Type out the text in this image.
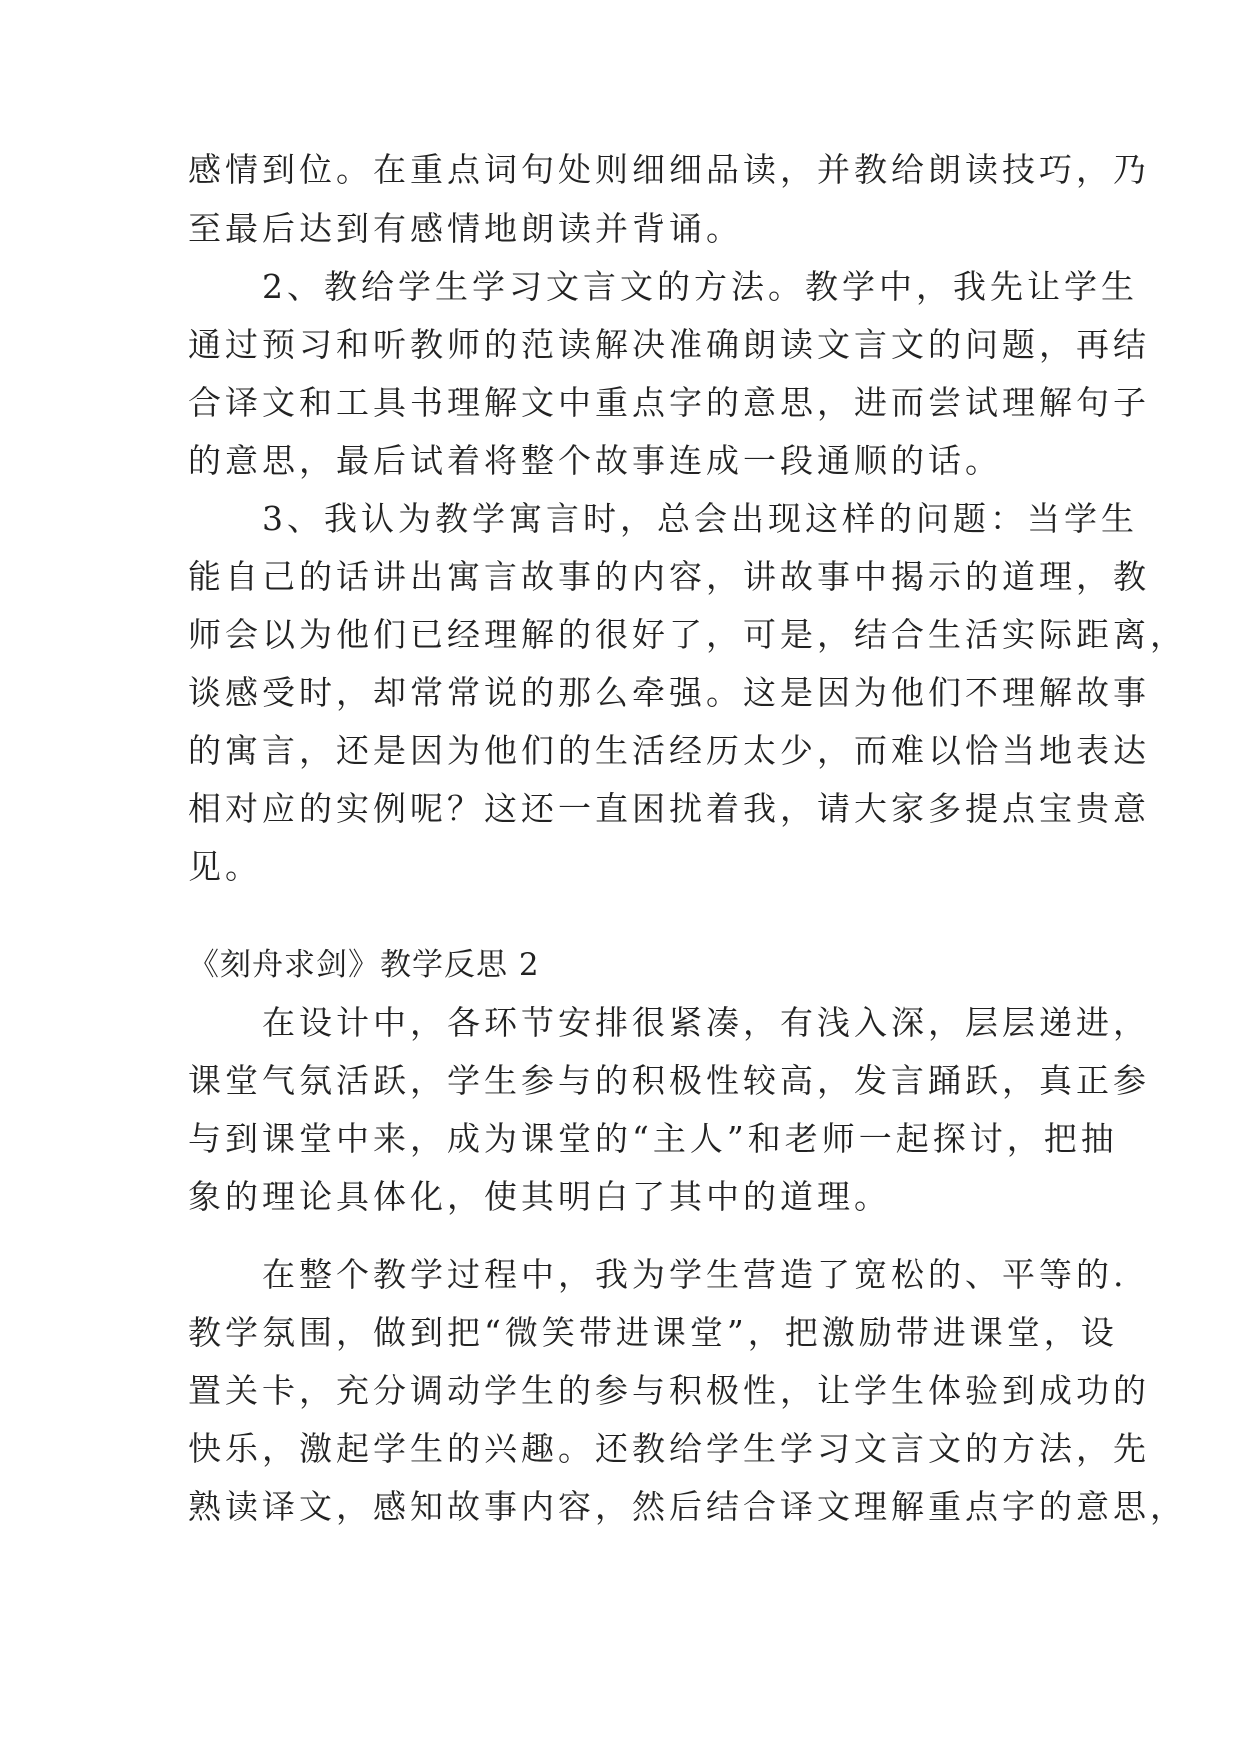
感情到位。在重点词句处则细细品读，并教给朗读技巧，乃
至最后达到有感情地朗读并背诵。
　　2、教给学生学习文言文的方法。教学中，我先让学生
通过预习和听教师的范读解决准确朗读文言文的问题，再结
合译文和工具书理解文中重点字的意思，进而尝试理解句子
的意思，最后试着将整个故事连成一段通顺的话。
　　3、我认为教学寓言时，总会出现这样的问题：当学生
能自己的话讲出寓言故事的内容，讲故事中揭示的道理，教
师会以为他们已经理解的很好了，可是，结合生活实际距离，
谈感受时，却常常说的那么牵强。这是因为他们不理解故事
的寓言，还是因为他们的生活经历太少，而难以恰当地表达
相对应的实例呢？这还一直困扰着我，请大家多提点宝贵意
见。
《刻舟求剑》教学反思 2
　　在设计中，各环节安排很紧凑，有浅入深，层层递进，
课堂气氛活跃，学生参与的积极性较高，发言踊跃，真正参
与到课堂中来，成为课堂的“主人”和老师一起探讨，把抽
象的理论具体化，使其明白了其中的道理。
　　在整个教学过程中，我为学生营造了宽松的、平等的.
教学氛围，做到把“微笑带进课堂”，把激励带进课堂，设
置关卡，充分调动学生的参与积极性，让学生体验到成功的
快乐，激起学生的兴趣。还教给学生学习文言文的方法，先
熟读译文，感知故事内容，然后结合译文理解重点字的意思，
